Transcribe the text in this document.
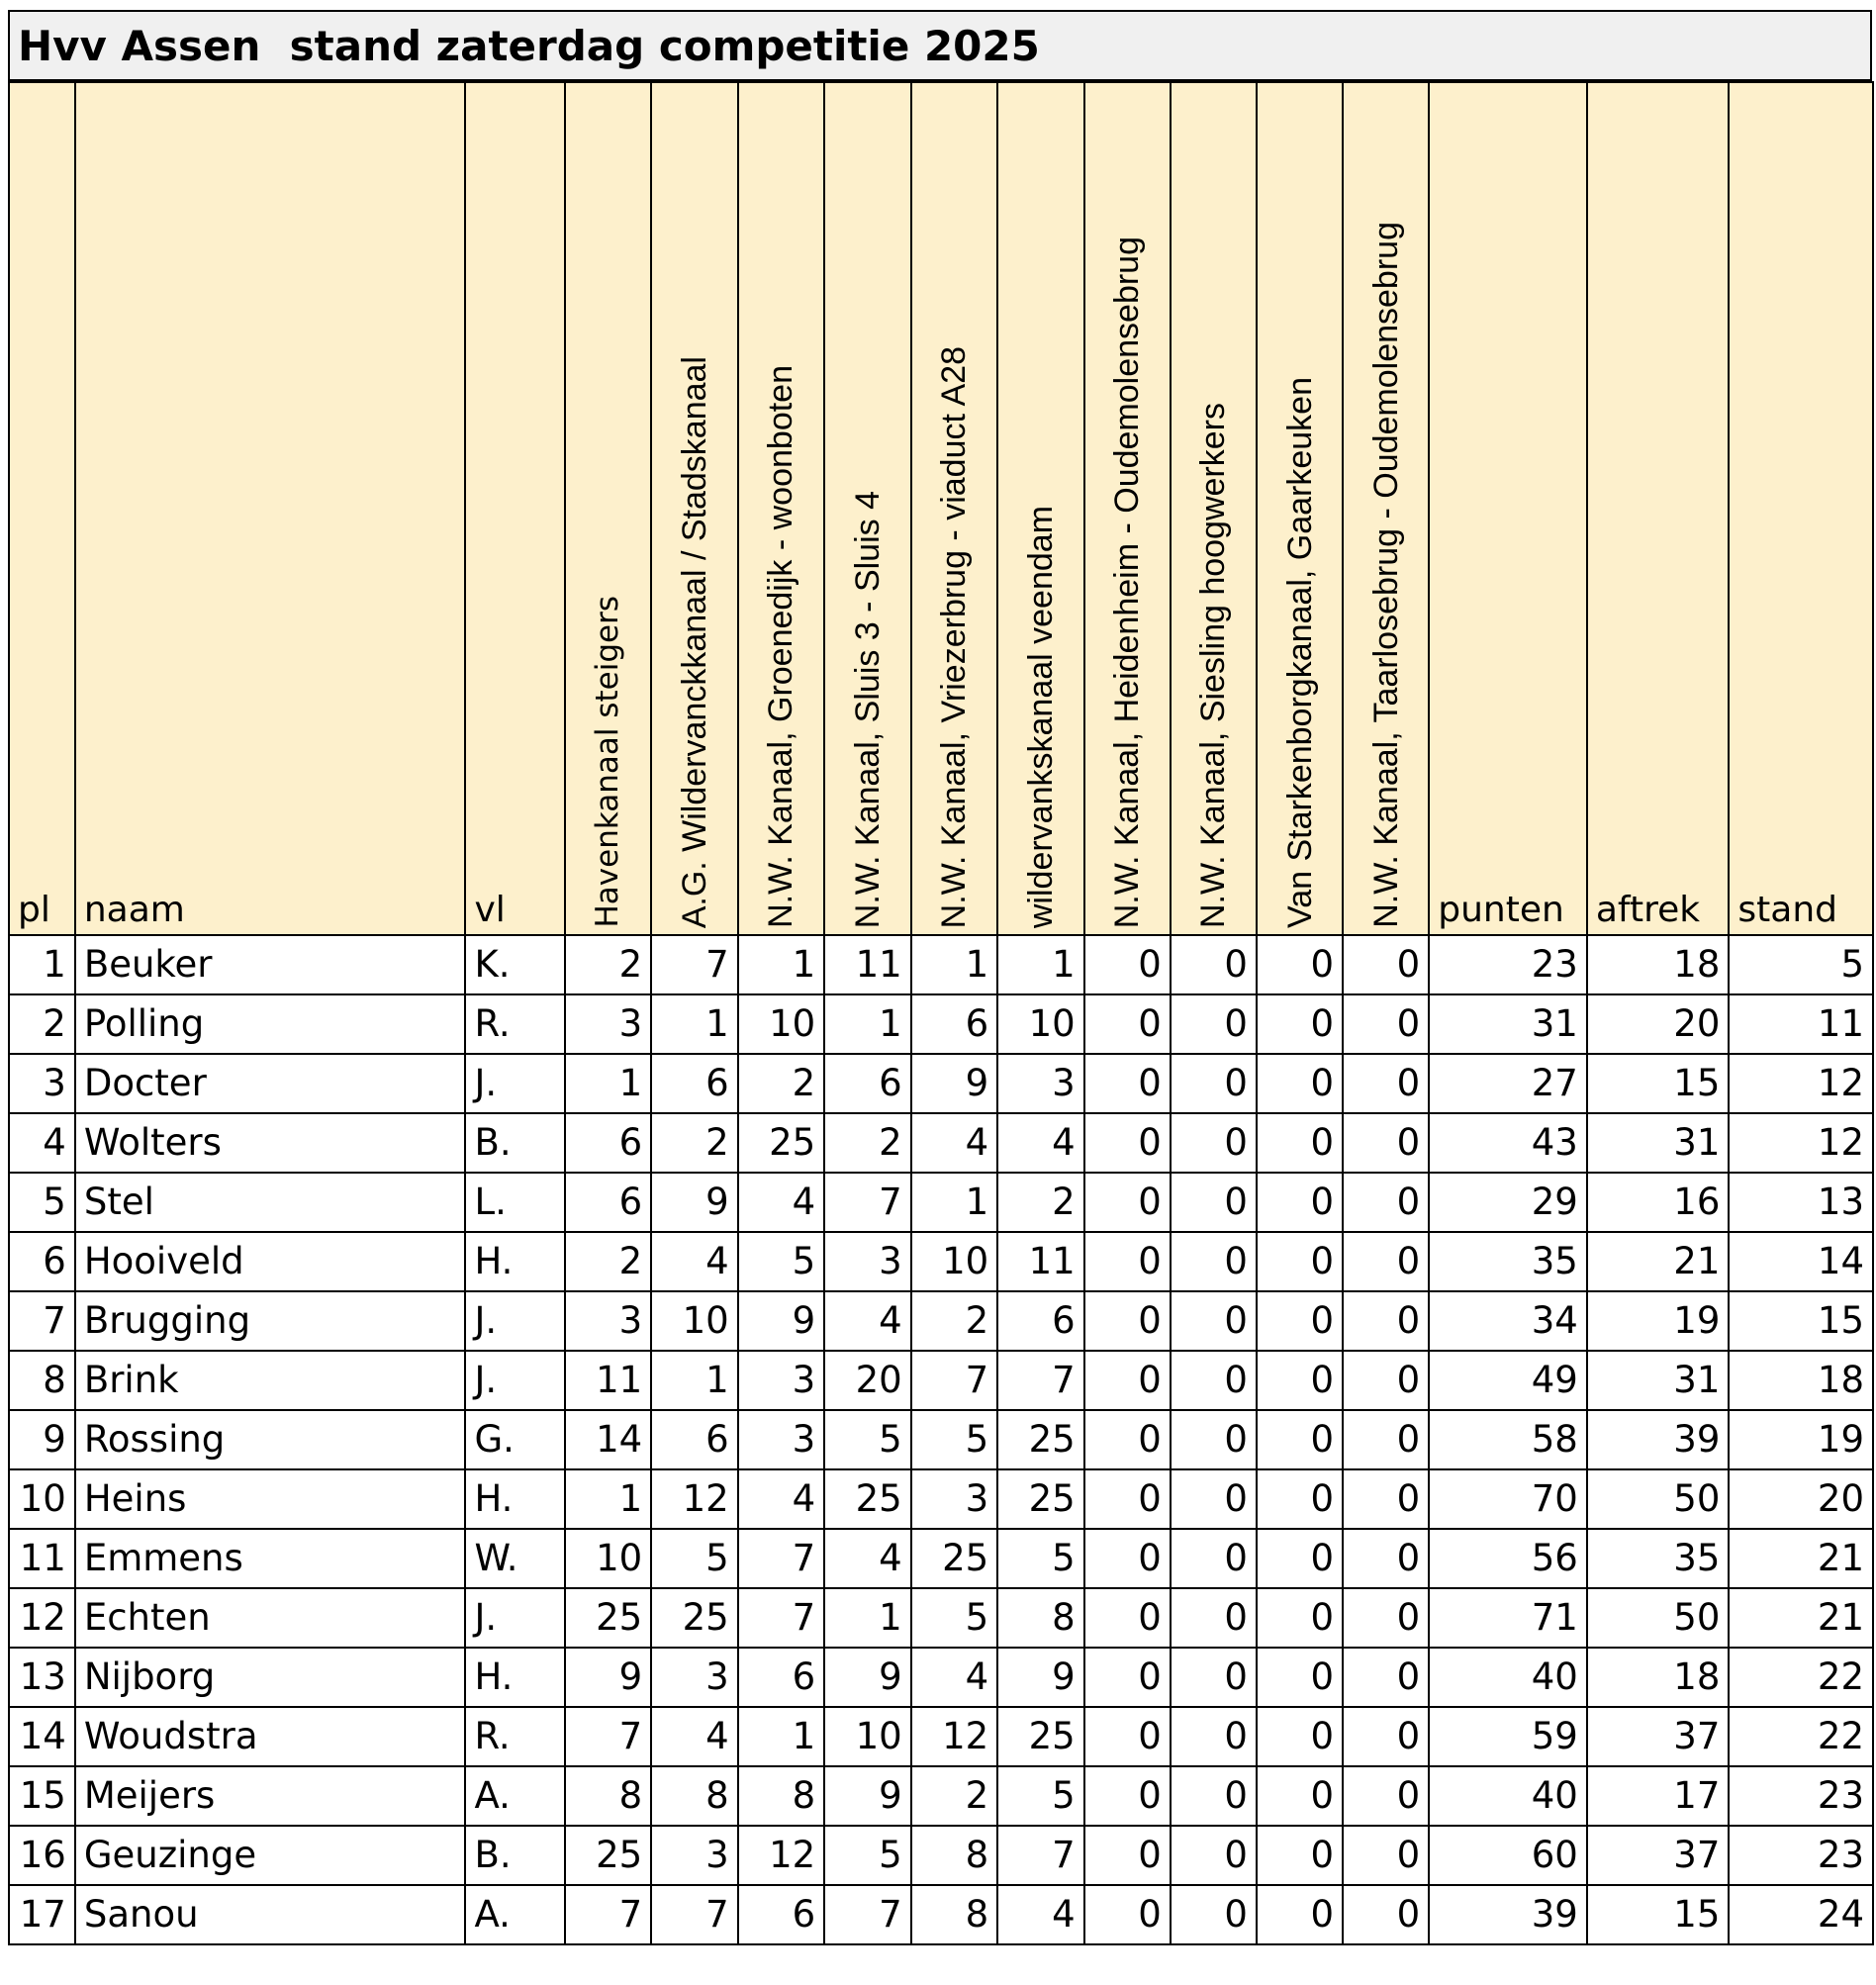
Hvv Assen  stand zaterdag competitie 2025
pl	naam	vl	Havenkanaal steigers	A.G. Wildervanckkanaal / Stadskanaal	N.W. Kanaal, Groenedijk - woonboten	N.W. Kanaal, Sluis 3 - Sluis 4	N.W. Kanaal, Vriezerbrug - viaduct A28	wildervankskanaal veendam	N.W. Kanaal, Heidenheim - Oudemolensebrug	N.W. Kanaal, Siesling hoogwerkers	Van Starkenborgkanaal, Gaarkeuken	N.W. Kanaal, Taarlosebrug - Oudemolensebrug	punten	aftrek	stand
1	Beuker	K.	2	7	1	11	1	1	0	0	0	0	23	18	5
2	Polling	R.	3	1	10	1	6	10	0	0	0	0	31	20	11
3	Docter	J.	1	6	2	6	9	3	0	0	0	0	27	15	12
4	Wolters	B.	6	2	25	2	4	4	0	0	0	0	43	31	12
5	Stel	L.	6	9	4	7	1	2	0	0	0	0	29	16	13
6	Hooiveld	H.	2	4	5	3	10	11	0	0	0	0	35	21	14
7	Brugging	J.	3	10	9	4	2	6	0	0	0	0	34	19	15
8	Brink	J.	11	1	3	20	7	7	0	0	0	0	49	31	18
9	Rossing	G.	14	6	3	5	5	25	0	0	0	0	58	39	19
10	Heins	H.	1	12	4	25	3	25	0	0	0	0	70	50	20
11	Emmens	W.	10	5	7	4	25	5	0	0	0	0	56	35	21
12	Echten	J.	25	25	7	1	5	8	0	0	0	0	71	50	21
13	Nijborg	H.	9	3	6	9	4	9	0	0	0	0	40	18	22
14	Woudstra	R.	7	4	1	10	12	25	0	0	0	0	59	37	22
15	Meijers	A.	8	8	8	9	2	5	0	0	0	0	40	17	23
16	Geuzinge	B.	25	3	12	5	8	7	0	0	0	0	60	37	23
17	Sanou	A.	7	7	6	7	8	4	0	0	0	0	39	15	24
